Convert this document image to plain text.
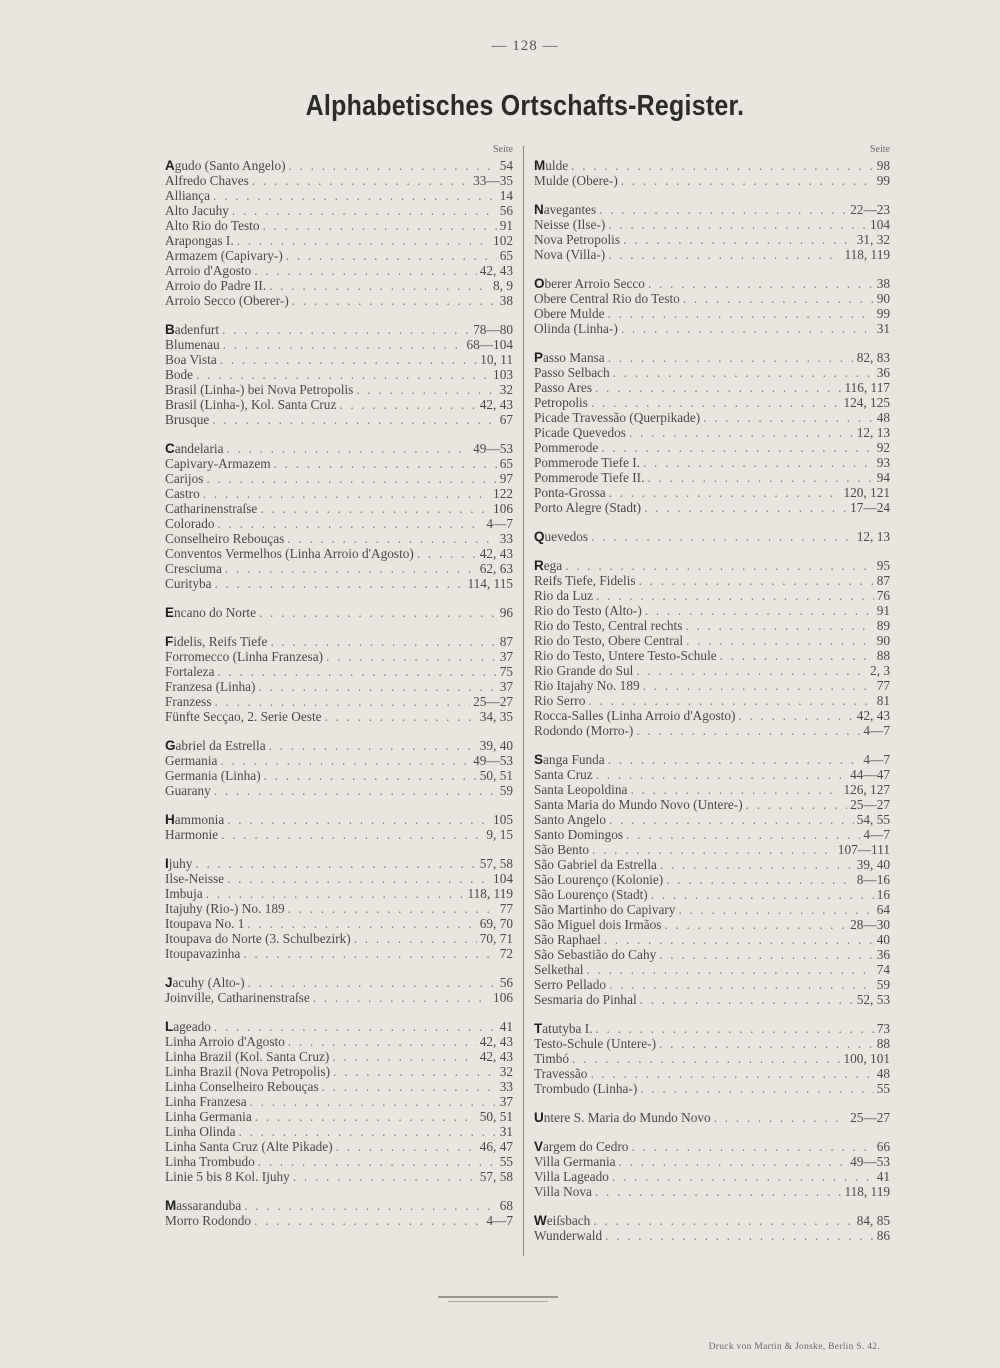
— 128 —
Alphabetisches Ortschafts-Register.
Seite
Agudo (Santo Angelo) . . .	54
Alfredo Chaves . . .	33—35
Alliança . . .	14
Alto Jacuhy . . .	56
Alto Rio do Testo . . .	91
Arapongas I. . . .	102
Armazem (Capivary-) . . .	65
Arroio d'Agosto . . .	42, 43
Arroio do Padre II. . . .	8, 9
Arroio Secco (Oberer-) . . .	38
Badenfurt . . .	78—80
Blumenau . . .	68—104
Boa Vista . . .	10, 11
Bode . . .	103
Brasil (Linha-) bei Nova Petropolis . . .	32
Brasil (Linha-), Kol. Santa Cruz . . .	42, 43
Brusque . . .	67
Candelaria . . .	49—53
Capivary-Armazem . . .	65
Carijos . . .	97
Castro . . .	122
Catharinenstraſse . . .	106
Colorado . . .	4—7
Conselheiro Rebouças . . .	33
Conventos Vermelhos (Linha Arroio d'Agosto) . . .	42, 43
Cresciuma . . .	62, 63
Curityba . . .	114, 115
Encano do Norte . . .	96
Fidelis, Reifs Tiefe . . .	87
Forromecco (Linha Franzesa) . . .	37
Fortaleza . . .	75
Franzesa (Linha) . . .	37
Franzess . . .	25—27
Fünfte Secçao, 2. Serie Oeste . . .	34, 35
Gabriel da Estrella . . .	39, 40
Germania . . .	49—53
Germania (Linha) . . .	50, 51
Guarany . . .	59
Hammonia . . .	105
Harmonie . . .	9, 15
Ijuhy . . .	57, 58
Ilse-Neisse . . .	104
Imbuja . . .	118, 119
Itajuhy (Rio-) No. 189 . . .	77
Itoupava No. 1 . . .	69, 70
Itoupava do Norte (3. Schulbezirk) . . .	70, 71
Itoupavazinha . . .	72
Jacuhy (Alto-) . . .	56
Joinville, Catharinenstraſse . . .	106
Lageado . . .	41
Linha Arroio d'Agosto . . .	42, 43
Linha Brazil (Kol. Santa Cruz) . . .	42, 43
Linha Brazil (Nova Petropolis) . . .	32
Linha Conselheiro Rebouças . . .	33
Linha Franzesa . . .	37
Linha Germania . . .	50, 51
Linha Olinda . . .	31
Linha Santa Cruz (Alte Pikade) . . .	46, 47
Linha Trombudo . . .	55
Linie 5 bis 8 Kol. Ijuhy . . .	57, 58
Massaranduba . . .	68
Morro Rodondo . . .	4—7
Seite
Mulde . . .	98
Mulde (Obere-) . . .	99
Navegantes . . .	22—23
Neisse (Ilse-) . . .	104
Nova Petropolis . . .	31, 32
Nova (Villa-) . . .	118, 119
Oberer Arroio Secco . . .	38
Obere Central Rio do Testo . . .	90
Obere Mulde . . .	99
Olinda (Linha-) . . .	31
Passo Mansa . . .	82, 83
Passo Selbach . . .	36
Passo Ares . . .	116, 117
Petropolis . . .	124, 125
Picade Travessão (Querpikade) . . .	48
Picade Quevedos . . .	12, 13
Pommerode . . .	92
Pommerode Tiefe I. . . .	93
Pommerode Tiefe II. . . .	94
Ponta-Grossa . . .	120, 121
Porto Alegre (Stadt) . . .	17—24
Quevedos . . .	12, 13
Rega . . .	95
Reifs Tiefe, Fidelis . . .	87
Rio da Luz . . .	76
Rio do Testo (Alto-) . . .	91
Rio do Testo, Central rechts . . .	89
Rio do Testo, Obere Central . . .	90
Rio do Testo, Untere Testo-Schule . . .	88
Rio Grande do Sul . . .	2, 3
Rio Itajahy No. 189 . . .	77
Rio Serro . . .	81
Rocca-Salles (Linha Arroio d'Agosto) . . .	42, 43
Rodondo (Morro-) . . .	4—7
Sanga Funda . . .	4—7
Santa Cruz . . .	44—47
Santa Leopoldina . . .	126, 127
Santa Maria do Mundo Novo (Untere-) . . .	25—27
Santo Angelo . . .	54, 55
Santo Domingos . . .	4—7
São Bento . . .	107—111
São Gabriel da Estrella . . .	39, 40
São Lourenço (Kolonie) . . .	8—16
São Lourenço (Stadt) . . .	16
São Martinho do Capivary . . .	64
São Miguel dois Irmãos . . .	28—30
São Raphael . . .	40
São Sebastião do Cahy . . .	36
Selkethal . . .	74
Serro Pellado . . .	59
Sesmaria do Pinhal . . .	52, 53
Tatutyba I. . . .	73
Testo-Schule (Untere-) . . .	88
Timbó . . .	100, 101
Travessão . . .	48
Trombudo (Linha-) . . .	55
Untere S. Maria do Mundo Novo . . .	25—27
Vargem do Cedro . . .	66
Villa Germania . . .	49—53
Villa Lageado . . .	41
Villa Nova . . .	118, 119
Weiſsbach . . .	84, 85
Wunderwald . . .	86
Druck von Martin & Jonske, Berlin S. 42.
